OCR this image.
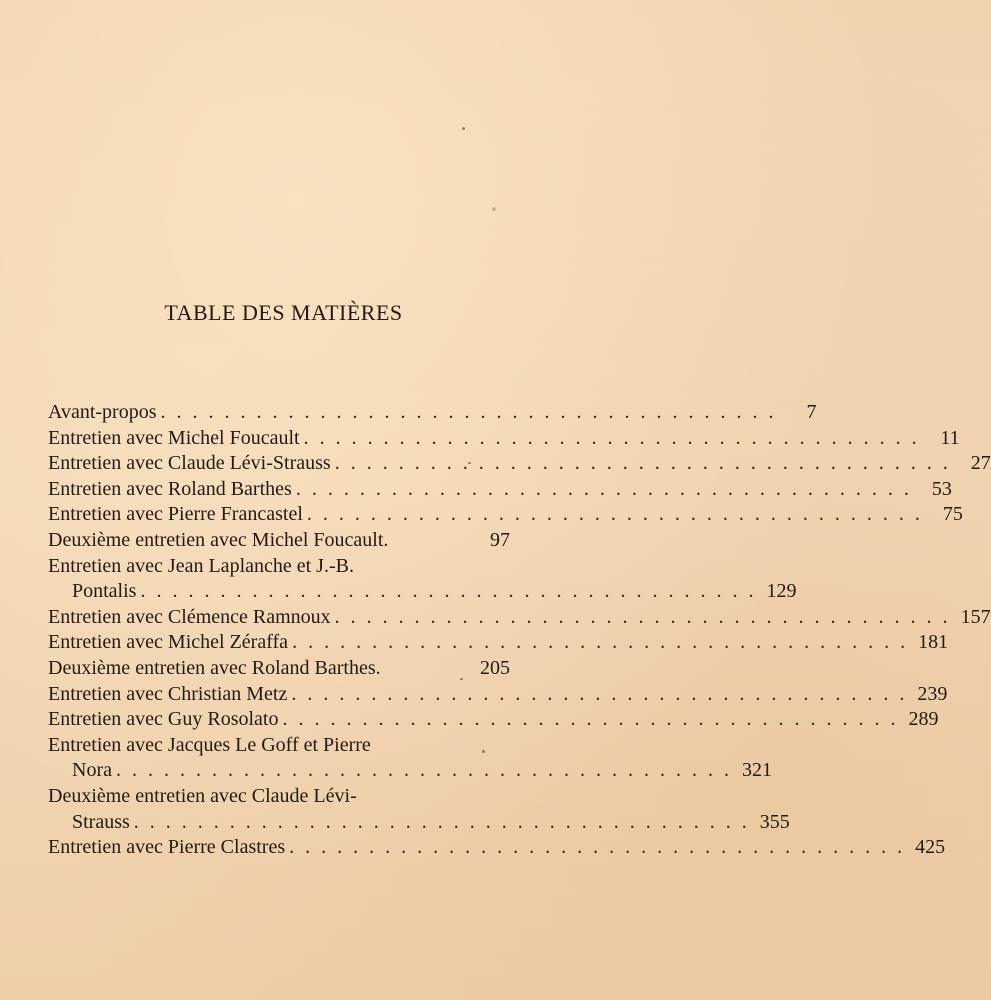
TABLE DES MATIÈRES
Avant-propos . . . . . . . . . . . . . . . . . . . . . . . . . . . . . . . . . . . . . . .	7
Entretien avec Michel Foucault . . . . . . . . . . . . . . . . . . . . . . . . . . . . . . . . . . . . . . .	11
Entretien avec Claude Lévi-Strauss . . . . . . . . . . . . . . . . . . . . . . . . . . . . . . . . . . . . . . .	27
Entretien avec Roland Barthes . . . . . . . . . . . . . . . . . . . . . . . . . . . . . . . . . . . . . . .	53
Entretien avec Pierre Francastel . . . . . . . . . . . . . . . . . . . . . . . . . . . . . . . . . . . . . . .	75
Deuxième entretien avec Michel Foucault.	97
Entretien avec Jean Laplanche et J.-B.
Pontalis . . . . . . . . . . . . . . . . . . . . . . . . . . . . . . . . . . . . . . . 129
Entretien avec Clémence Ramnoux . . . . . . . . . . . . . . . . . . . . . . . . . . . . . . . . . . . . . . . 157
Entretien avec Michel Zéraffa . . . . . . . . . . . . . . . . . . . . . . . . . . . . . . . . . . . . . . . 181
Deuxième entretien avec Roland Barthes.	205
Entretien avec Christian Metz . . . . . . . . . . . . . . . . . . . . . . . . . . . . . . . . . . . . . . . 239
Entretien avec Guy Rosolato . . . . . . . . . . . . . . . . . . . . . . . . . . . . . . . . . . . . . . . 289
Entretien avec Jacques Le Goff et Pierre
Nora . . . . . . . . . . . . . . . . . . . . . . . . . . . . . . . . . . . . . . . 321
Deuxième entretien avec Claude Lévi-
Strauss . . . . . . . . . . . . . . . . . . . . . . . . . . . . . . . . . . . . . . . 355
Entretien avec Pierre Clastres . . . . . . . . . . . . . . . . . . . . . . . . . . . . . . . . . . . . . . . 425
